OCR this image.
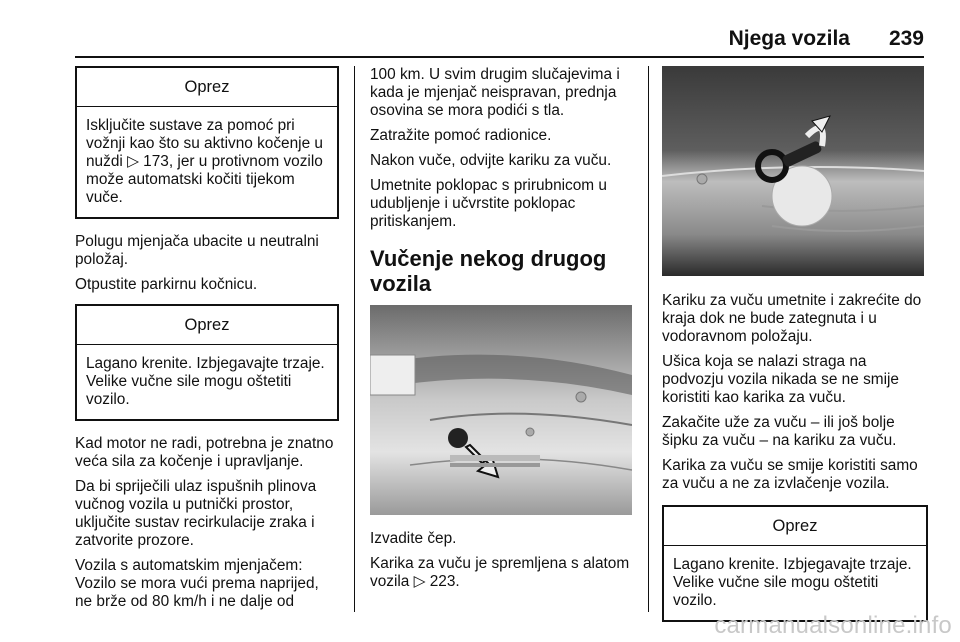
Njega vozila 239
Oprez
Isključite sustave za pomoć pri vožnji kao što su aktivno kočenje u nuždi ▷ 173, jer u protivnom vozilo može automatski kočiti tijekom vuče.

Polugu mjenjača ubacite u neutralni položaj.

Otpustite parkirnu kočnicu.

Oprez
Lagano krenite. Izbjegavajte trzaje. Velike vučne sile mogu oštetiti vozilo.

Kad motor ne radi, potrebna je znatno veća sila za kočenje i upravljanje.

Da bi spriječili ulaz ispušnih plinova vučnog vozila u putnički prostor, uključite sustav recirkulacije zraka i zatvorite prozore.

Vozila s automatskim mjenjačem: Vozilo se mora vući prema naprijed, ne brže od 80 km/h i ne dalje od

100 km. U svim drugim slučajevima i kada je mjenjač neispravan, prednja osovina se mora podići s tla.

Zatražite pomoć radionice.

Nakon vuče, odvijte kariku za vuču.

Umetnite poklopac s prirubnicom u udubljenje i učvrstite poklopac pritiskanjem.

Vučenje nekog drugog vozila

Izvadite čep.

Karika za vuču je spremljena s alatom vozila ▷ 223.

Kariku za vuču umetnite i zakrećite do kraja dok ne bude zategnuta i u vodoravnom položaju.

Ušica koja se nalazi straga na podvozju vozila nikada se ne smije koristiti kao karika za vuču.

Zakačite uže za vuču – ili još bolje šipku za vuču – na kariku za vuču.

Karika za vuču se smije koristiti samo za vuču a ne za izvlačenje vozila.

Oprez
Lagano krenite. Izbjegavajte trzaje. Velike vučne sile mogu oštetiti vozilo.
carmanualsonline.info
